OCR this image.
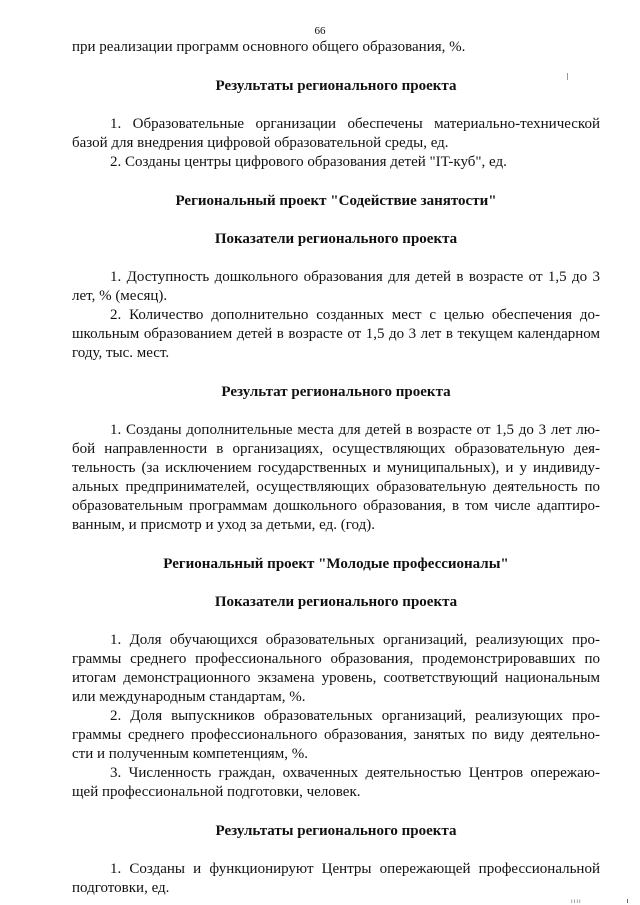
66

при реализации программ основного общего образования, %.

Результаты регионального проекта

1. Образовательные организации обеспечены материально-технической базой для внедрения цифровой образовательной среды, ед.

2. Созданы центры цифрового образования детей "IT-куб", ед.

Региональный проект "Содействие занятости"

Показатели регионального проекта

1. Доступность дошкольного образования для детей в возрасте от 1,5 до 3 лет, % (месяц).

2. Количество дополнительно созданных мест с целью обеспечения до-школьным образованием детей в возрасте от 1,5 до 3 лет в текущем календарном году, тыс. мест.

Результат регионального проекта

1. Созданы дополнительные места для детей в возрасте от 1,5 до 3 лет лю-бой направленности в организациях, осуществляющих образовательную дея-тельность (за исключением государственных и муниципальных), и у индивиду-альных предпринимателей, осуществляющих образовательную деятельность по образовательным программам дошкольного образования, в том числе адаптиро-ванным, и присмотр и уход за детьми, ед. (год).

Региональный проект "Молодые профессионалы"

Показатели регионального проекта

1. Доля обучающихся образовательных организаций, реализующих про-граммы среднего профессионального образования, продемонстрировавших по итогам демонстрационного экзамена уровень, соответствующий национальным или международным стандартам, %.

2. Доля выпускников образовательных организаций, реализующих про-граммы среднего профессионального образования, занятых по виду деятельно-сти и полученным компетенциям, %.

3. Численность граждан, охваченных деятельностью Центров опережаю-щей профессиональной подготовки, человек.

Результаты регионального проекта

1. Созданы и функционируют Центры опережающей профессиональной подготовки, ед.

ıııı
